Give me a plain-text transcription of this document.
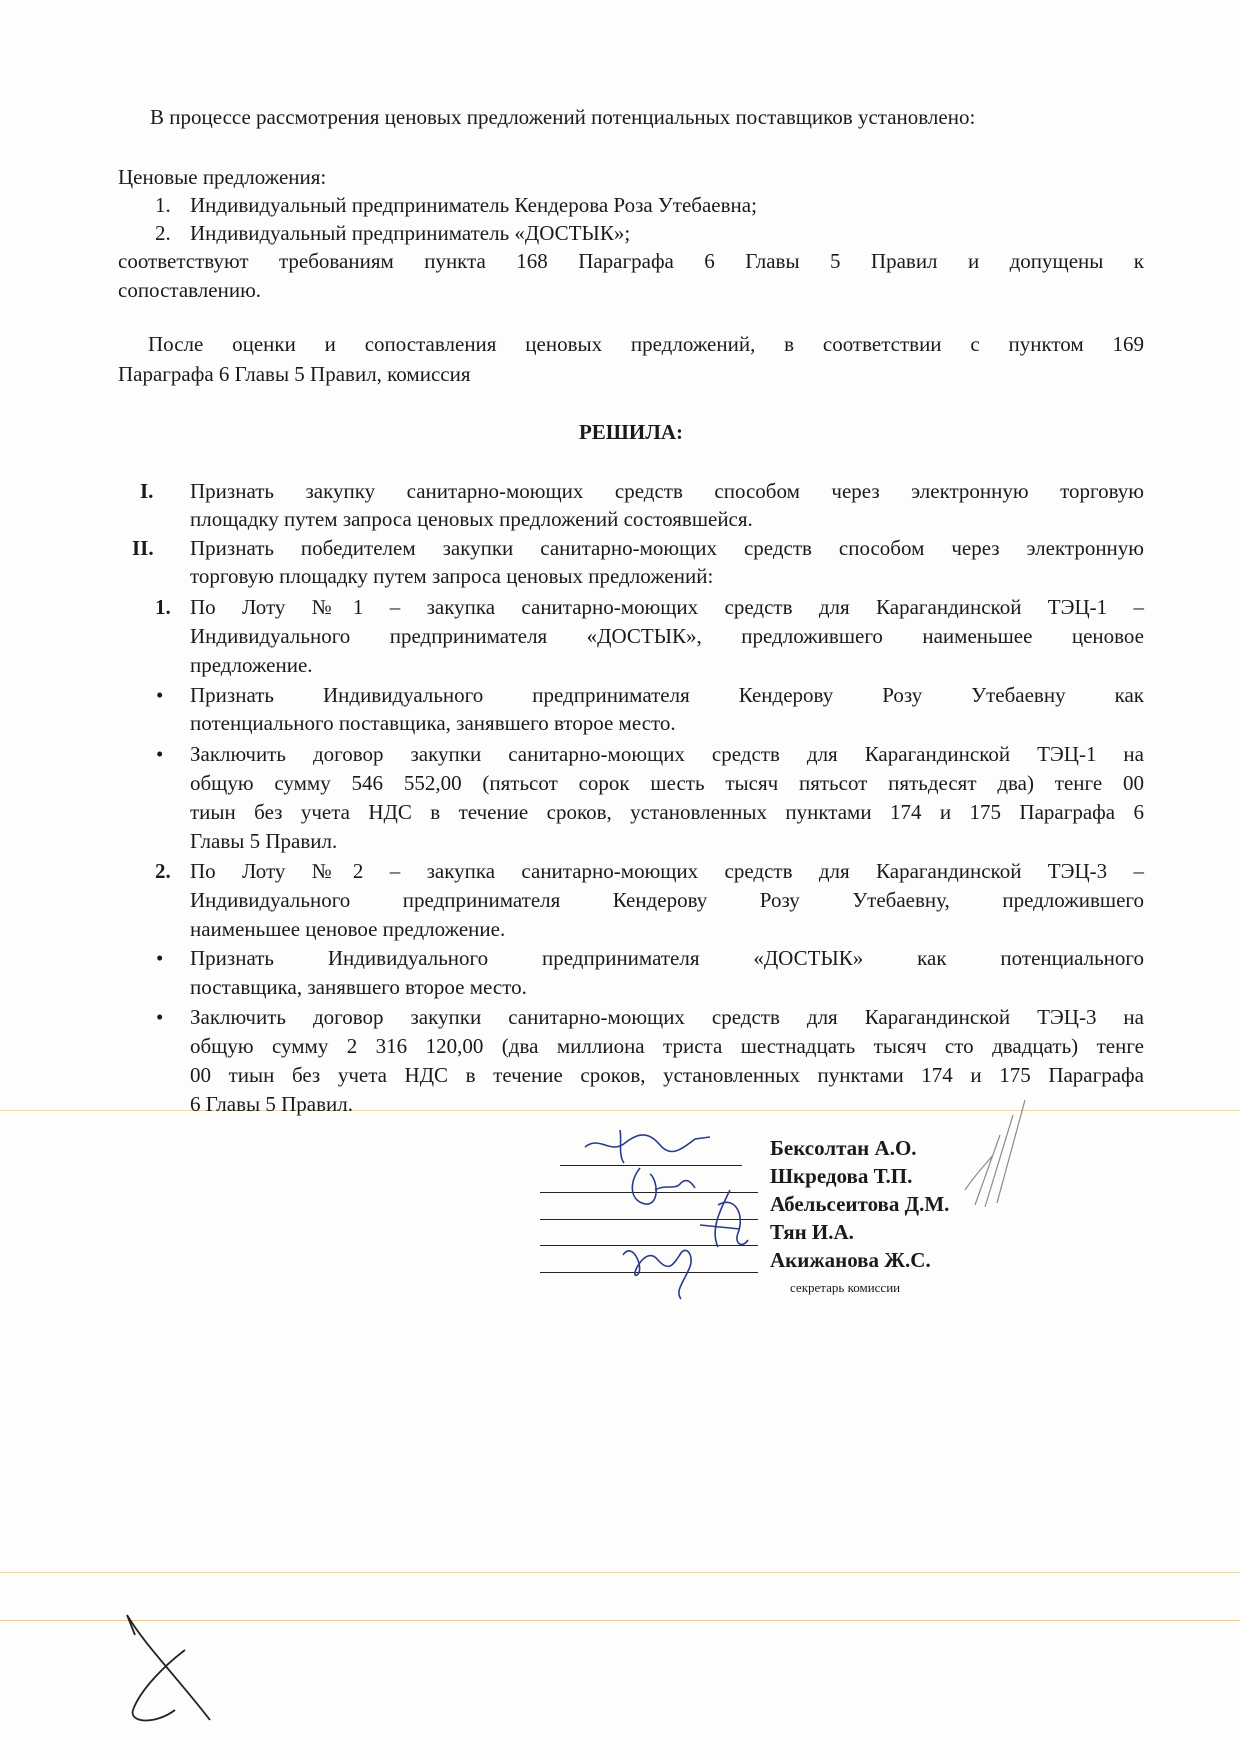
В процессе рассмотрения ценовых предложений потенциальных поставщиков установлено:
Ценовые предложения:
1. Индивидуальный предприниматель Кендерова Роза Утебаевна;
2. Индивидуальный предприниматель «ДОСТЫК»;
соответствуют требованиям пункта 168 Параграфа 6 Главы 5 Правил и допущены к
сопоставлению.
После оценки и сопоставления ценовых предложений, в соответствии с пунктом 169
Параграфа 6 Главы 5 Правил, комиссия
РЕШИЛА:
I. Признать закупку санитарно-моющих средств способом через электронную торговую
площадку путем запроса ценовых предложений состоявшейся.
II. Признать победителем закупки санитарно-моющих средств способом через электронную
торговую площадку путем запроса ценовых предложений:
1. По Лоту №1 – закупка санитарно-моющих средств для Карагандинской ТЭЦ-1 –
Индивидуального предпринимателя «ДОСТЫК», предложившего наименьшее ценовое
предложение.
• Признать Индивидуального предпринимателя Кендерову Розу Утебаевну как
потенциального поставщика, занявшего второе место.
• Заключить договор закупки санитарно-моющих средств для Карагандинской ТЭЦ-1 на
общую сумму 546 552,00 (пятьсот сорок шесть тысяч пятьсот пятьдесят два) тенге 00
тиын без учета НДС в течение сроков, установленных пунктами 174 и 175 Параграфа 6
Главы 5 Правил.
2. По Лоту №2 – закупка санитарно-моющих средств для Карагандинской ТЭЦ-3 –
Индивидуального предпринимателя Кендерову Розу Утебаевну, предложившего
наименьшее ценовое предложение.
• Признать Индивидуального предпринимателя «ДОСТЫК» как потенциального
поставщика, занявшего второе место.
• Заключить договор закупки санитарно-моющих средств для Карагандинской ТЭЦ-3 на
общую сумму 2 316 120,00 (два миллиона триста шестнадцать тысяч сто двадцать) тенге
00 тиын без учета НДС в течение сроков, установленных пунктами 174 и 175 Параграфа
6 Главы 5 Правил.
Бексолтан А.О.
Шкредова Т.П.
Абельсеитова Д.М.
Тян И.А.
Акижанова Ж.С.
секретарь комиссии
